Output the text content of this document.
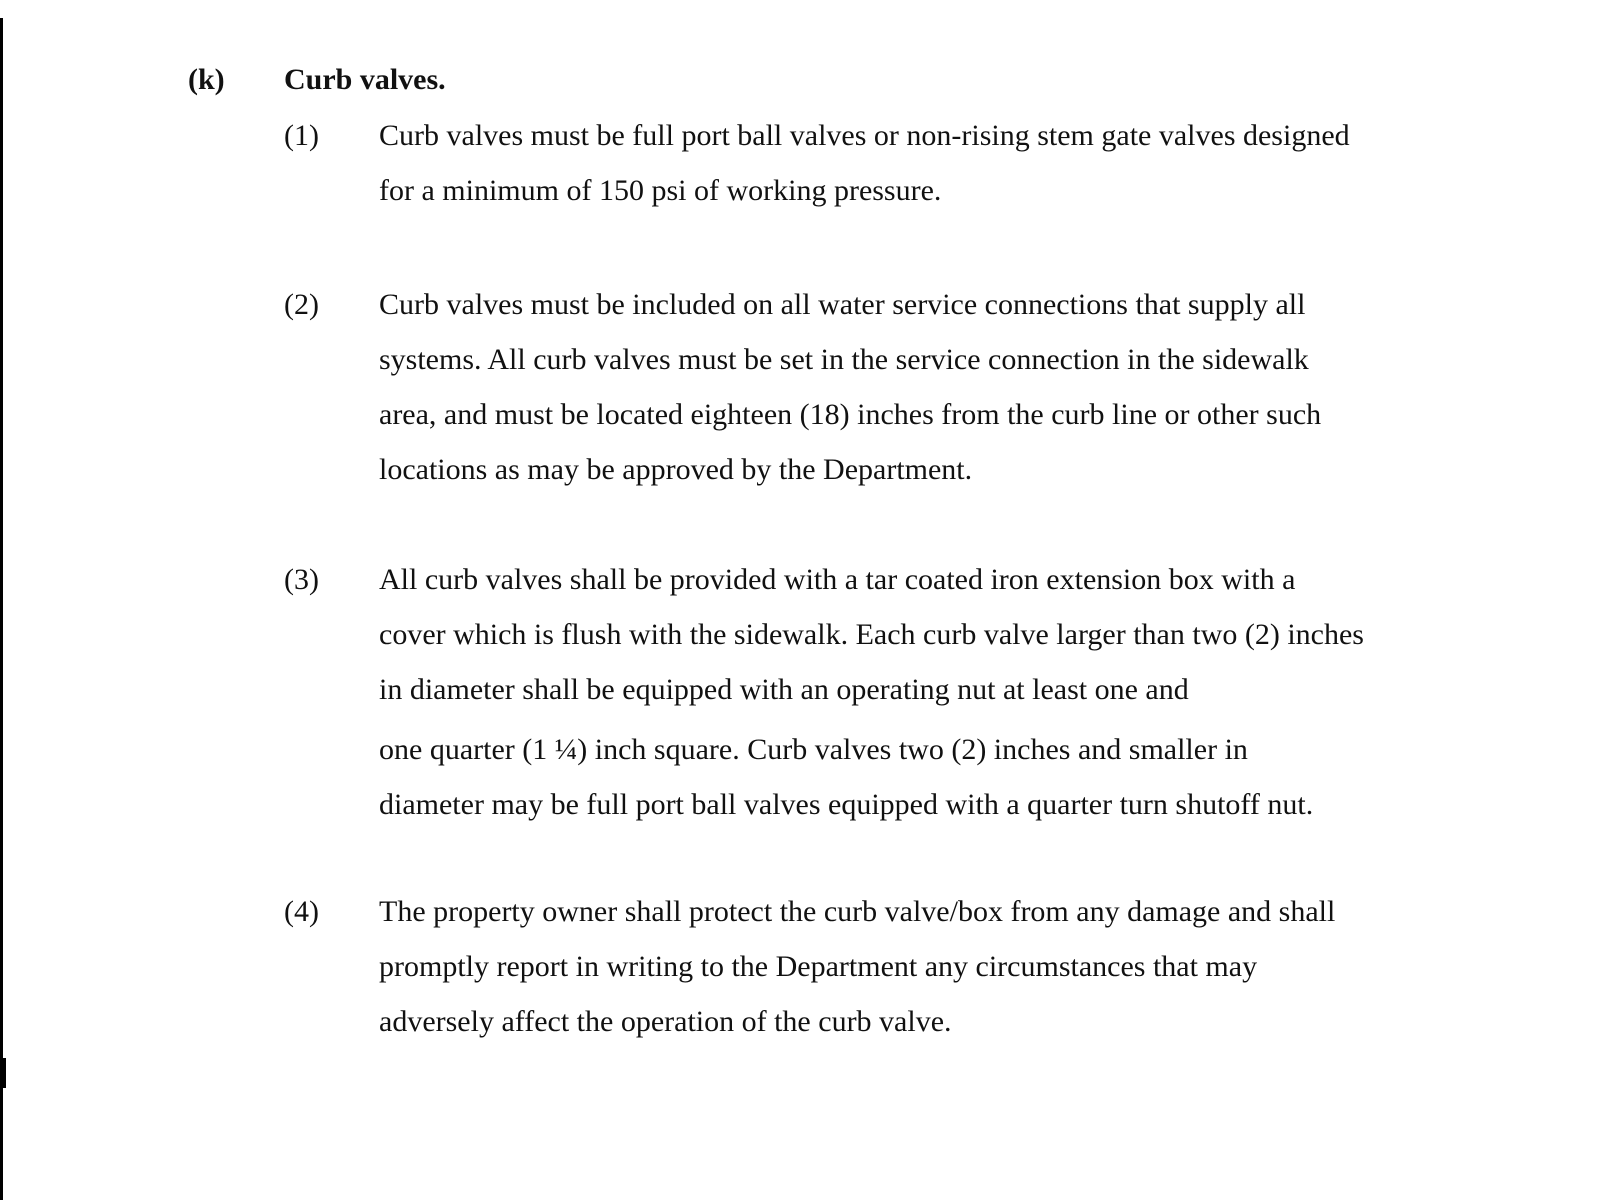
(k) Curb valves.
(1) Curb valves must be full port ball valves or non-rising stem gate valves designed
for a minimum of 150 psi of working pressure.
(2) Curb valves must be included on all water service connections that supply all
systems. All curb valves must be set in the service connection in the sidewalk
area, and must be located eighteen (18) inches from the curb line or other such
locations as may be approved by the Department.
(3) All curb valves shall be provided with a tar coated iron extension box with a
cover which is flush with the sidewalk. Each curb valve larger than two (2) inches
in diameter shall be equipped with an operating nut at least one and
one quarter (1 ¼) inch square. Curb valves two (2) inches and smaller in
diameter may be full port ball valves equipped with a quarter turn shutoff nut.
(4) The property owner shall protect the curb valve/box from any damage and shall
promptly report in writing to the Department any circumstances that may
adversely affect the operation of the curb valve.
